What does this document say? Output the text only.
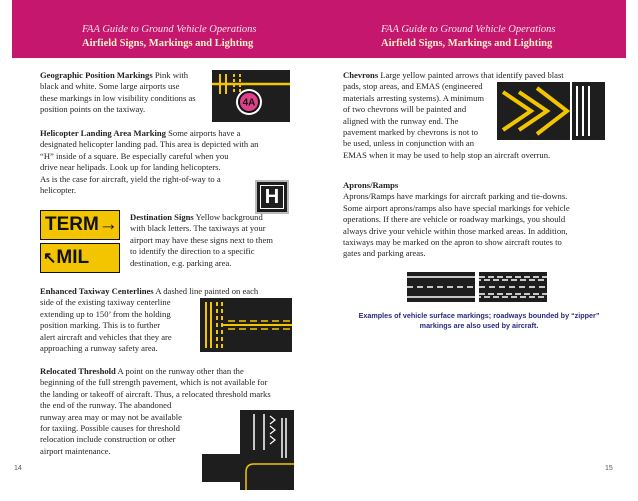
FAA Guide to Ground Vehicle Operations
Airfield Signs, Markings and Lighting
Geographic Position Markings Pink with
black and white. Some large airports use
these markings in low visibility conditions as
position points on the taxiway.
4A
Helicopter Landing Area Marking Some airports have a
designated helicopter landing pad. This area is depicted with an
“H” inside of a square. Be especially careful when you
drive near helipads. Look up for landing helicopters.
As is the case for aircraft, yield the right-of-way to a
helicopter.	H
TERM→
↖MIL
Destination Signs Yellow background
with black letters. The taxiways at your
airport may have these signs next to them
to identify the direction to a specific
destination, e.g. parking area.
Enhanced Taxiway Centerlines A dashed line painted on each
side of the existing taxiway centerline
extending up to 150’ from the holding
position marking. This is to further
alert aircraft and vehicles that they are
approaching a runway safety area.
Relocated Threshold A point on the runway other than the
beginning of the full strength pavement, which is not available for
the landing or takeoff of aircraft. Thus, a relocated threshold marks
the end of the runway. The abandoned
runway area may or may not be available
for taxiing. Possible causes for threshold
relocation include construction or other
airport maintenance.
14
FAA Guide to Ground Vehicle Operations
Airfield Signs, Markings and Lighting
Chevrons Large yellow painted arrows that identify paved blast
pads, stop areas, and EMAS (engineered
materials arresting systems). A minimum
of two chevrons will be painted and
aligned with the runway end. The
pavement marked by chevrons is not to
be used, unless in conjunction with an
EMAS when it may be used to help stop an aircraft overrun.
Aprons/Ramps
Aprons/Ramps have markings for aircraft parking and tie-downs.
Some airport aprons/ramps also have special markings for vehicle
operations. If there are vehicle or roadway markings, you should
always drive your vehicle within those marked areas. In addition,
taxiways may be marked on the apron to show aircraft routes to
gates and parking areas.
Examples of vehicle surface markings; roadways bounded by “zipper”
markings are also used by aircraft.
15
